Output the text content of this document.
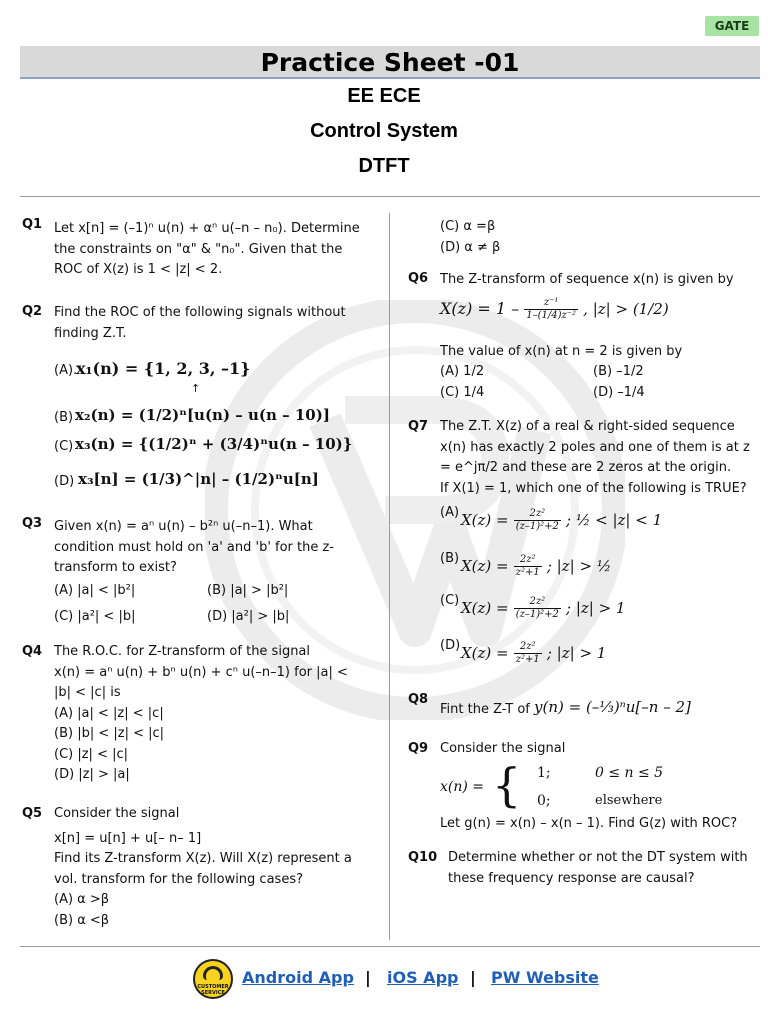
GATE
Practice Sheet -01
EE ECE
Control System
DTFT
Q1 Let x[n] = (–1)ⁿ u(n) + αⁿ u(–n – n₀). Determine

the constraints on "α" & "n₀". Given that the

ROC of X(z) is 1 < |z| < 2.

Q2 Find the ROC of the following signals without

finding Z.T.

(A).
x₁(n) = {1, 2, 3, –1}
↑
(B) x₂(n) = (1/2)ⁿ[u(n) – u(n – 10)]
(C) x₃(n) = {(1/2)ⁿ + (3/4)ⁿu(n – 10)}
(D) x₃[n] = (1/3)^|n| – (1/2)ⁿu[n]
Q3 Given x(n) = aⁿ u(n) – b²ⁿ u(–n–1). What

condition must hold on 'a' and 'b' for the z-

transform to exist?

(A) |a| < |b²|	(B) |a| > |b²|
(C) |a²| < |b|	(D) |a²| > |b|
Q4 The R.O.C. for Z-transform of the signal

x(n) = aⁿ u(n) + bⁿ u(n) + cⁿ u(–n–1) for |a| <

|b| < |c| is

(A) |a| < |z| < |c|

(B) |b| < |z| < |c|

(C) |z| < |c|

(D) |z| > |a|

Q5 Consider the signal

x[n] = u[n] + u[– n– 1]

Find its Z-transform X(z). Will X(z) represent a

vol. transform for the following cases?

(A) α >β

(B) α <β

(C) α =β

(D) α ≠ β

Q6 The Z-transform of sequence x(n) is given by

$X(z) = 1 - \frac{\text{z⁻¹}}{\text{1–(1/4)z⁻²}}$ , |z| > (1/2)

The value of x(n) at n = 2 is given by

(A) 1/2	(B) –1/2
(C) 1/4	(D) –1/4
Q7 The Z.T. X(z) of a real & right-sided sequence

x(n) has exactly 2 poles and one of them is at z

= e^jπ/2 and these are 2 zeros at the origin.

If X(1) = 1, which one of the following is TRUE?

(A) $X(z) = \frac{\text{2z²}}{\text{(z–1)²+2}}$ ; ½ < |z| < 1
(B) $X(z) = \frac{\text{2z²}}{\text{z²+1}}$ ; |z| > ½
(C) $X(z) = \frac{\text{2z²}}{\text{(z–1)²+2}}$ ; |z| > 1
(D) $X(z) = \frac{\text{2z²}}{\text{z²+1}}$ ; |z| > 1
Q8
Fint the Z-T of y(n) = (–⅓)ⁿu[–n – 2]
Q9 Consider the signal

x(n) = { 1;	0 ≤ n ≤ 5
0;	elsewhere

Let g(n) = x(n) – x(n – 1). Find G(z) with ROC?

Q10 Determine whether or not the DT system with

these frequency response are causal?

CUSTOMER SERVICE
Android App | iOS App | PW Website
